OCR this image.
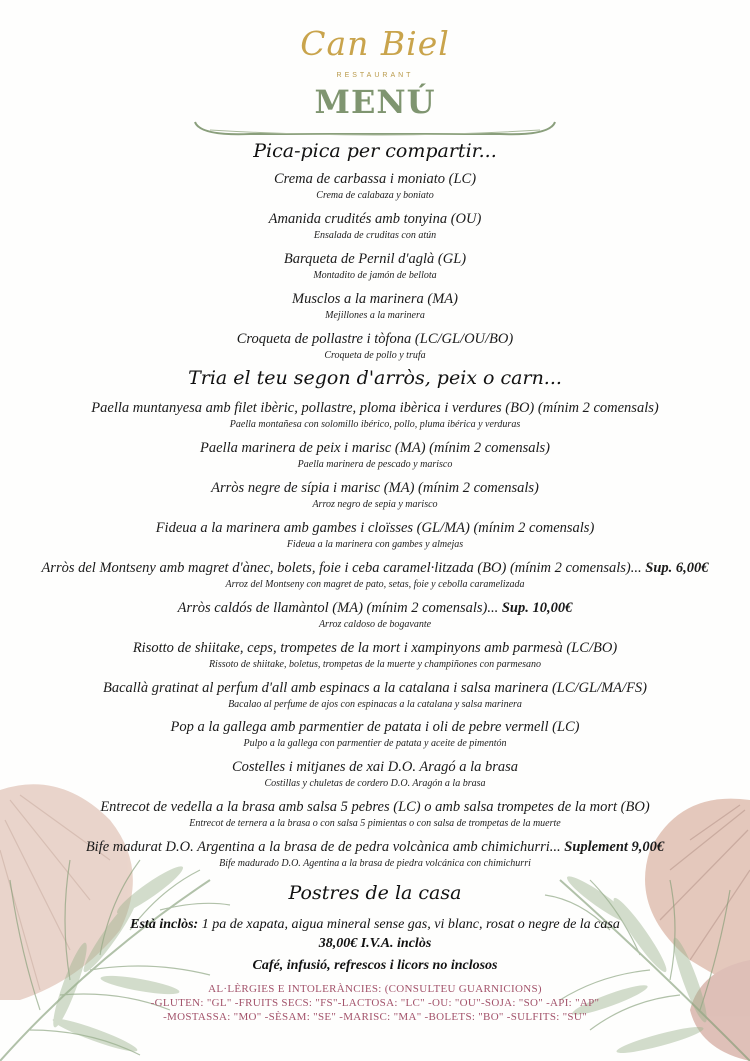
Can Biel
RESTAURANT
MENÚ
Pica-pica per compartir...
Crema de carbassa i moniato (LC)
Crema de calabaza y boniato
Amanida crudités amb tonyina (OU)
Ensalada de cruditas con atún
Barqueta de Pernil d'aglà (GL)
Montadito de jamón de bellota
Musclos a la marinera (MA)
Mejillones a la marinera
Croqueta de pollastre i tòfona (LC/GL/OU/BO)
Croqueta de pollo y trufa
Tria el teu segon d'arròs, peix o carn...
Paella muntanyesa amb filet ibèric, pollastre, ploma ibèrica i verdures (BO) (mínim 2 comensals)
Paella montañesa con solomillo ibérico, pollo, pluma ibérica y verduras
Paella marinera de peix i marisc (MA) (mínim 2 comensals)
Paella marinera de pescado y marisco
Arròs negre de sípia i marisc (MA) (mínim 2 comensals)
Arroz negro de sepia y marisco
Fideua a la marinera amb gambes i cloïsses (GL/MA) (mínim 2 comensals)
Fideua a la marinera con gambes y almejas
Arròs del Montseny amb magret d'ànec, bolets, foie i ceba caramel·litzada (BO) (mínim 2 comensals)... Sup. 6,00€
Arroz del Montseny con magret de pato, setas, foie y cebolla caramelizada
Arròs caldós de llamàntol (MA) (mínim 2 comensals)... Sup. 10,00€
Arroz caldoso de bogavante
Risotto de shiitake, ceps, trompetes de la mort i xampinyons amb parmesà (LC/BO)
Rissoto de shiitake, boletus, trompetas de la muerte y champiñones con parmesano
Bacallà gratinat al perfum d'all amb espinacs a la catalana i salsa marinera (LC/GL/MA/FS)
Bacalao al perfume de ajos con espinacas a la catalana y salsa marinera
Pop a la gallega amb parmentier de patata i oli de pebre vermell (LC)
Pulpo a la gallega con parmentier de patata y aceite de pimentón
Costelles i mitjanes de xai D.O. Aragó a la brasa
Costillas y chuletas de cordero D.O. Aragón a la brasa
Entrecot de vedella a la brasa amb salsa 5 pebres (LC) o amb salsa trompetes de la mort (BO)
Entrecot de ternera a la brasa o con salsa 5 pimientas o con salsa de trompetas de la muerte
Bife madurat D.O. Argentina a la brasa de de pedra volcànica amb chimichurri... Suplement 9,00€
Bife madurado D.O. Agentina a la brasa de piedra volcánica con chimichurri
Postres de la casa
Està inclòs: 1 pa de xapata, aigua mineral sense gas, vi blanc, rosat o negre de la casa
38,00€ I.V.A. inclòs
Café, infusió, refrescos i licors no inclosos
AL·LÈRGIES E INTOLERÀNCIES: (CONSULTEU GUARNICIONS)
-GLUTEN: "GL" -FRUITS SECS: "FS"-LACTOSA: "LC" -OU: "OU"-SOJA: "SO" -API: "AP"
-MOSTASSA: "MO" -SÈSAM: "SE" -MARISC: "MA" -BOLETS: "BO" -SULFITS: "SU"
